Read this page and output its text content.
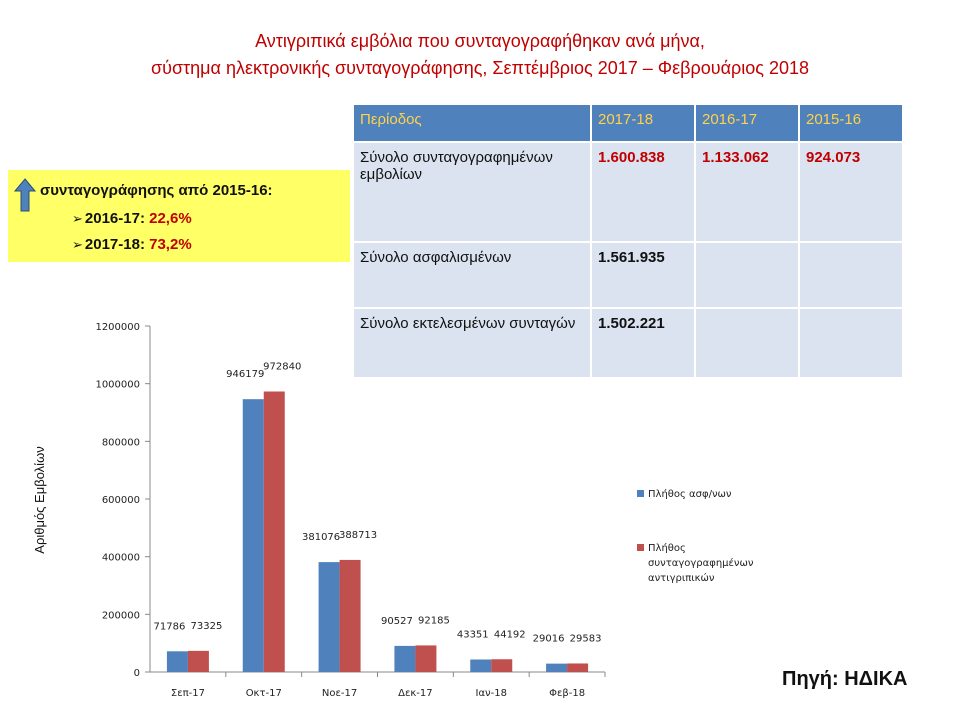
Αντιγριπικά εμβόλια που συνταγογραφήθηκαν ανά μήνα,
σύστημα ηλεκτρονικής συνταγογράφησης, Σεπτέμβριος 2017 – Φεβρουάριος 2018
συνταγογράφησης από 2015-16:
➢ 2016-17: 22,6%
➢ 2017-18: 73,2%
Περίοδος	2017-18	2016-17	2015-16
Σύνολο συνταγογραφημένων εμβολίων	1.600.838	1.133.062	924.073
Σύνολο ασφαλισμένων	1.561.935		
Σύνολο εκτελεσμένων συνταγών	1.502.221		
0
200000
400000
600000
800000
1000000
1200000
Αριθμός Εμβολίων
Σεπ-17
71786 73325
Οκτ-17
946179
972840
Νοε-17
381076
388713
Δεκ-17
90527 92185
Ιαν-18
43351 44192
Φεβ-18
29016 29583
Πλήθος ασφ/νων
Πλήθος συνταγογραφημένων αντιγριπικών
Πηγή: ΗΔΙΚΑ
